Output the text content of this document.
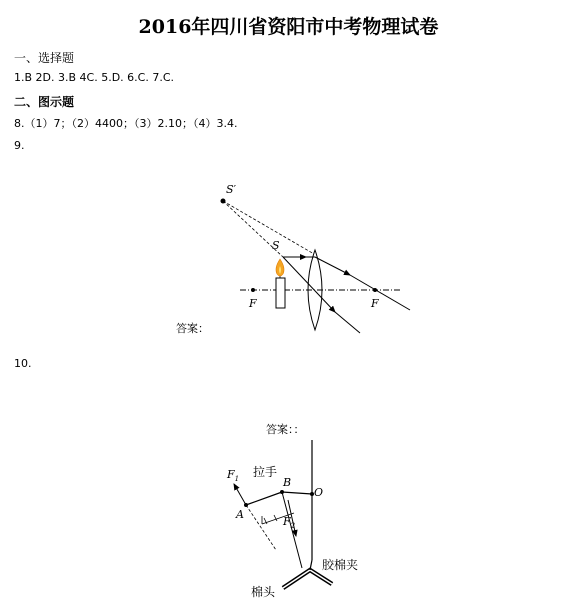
2016年四川省资阳市中考物理试卷
一、选择题
1.B 2D. 3.B 4C. 5.D. 6.C. 7.C.
二、图示题
8.（1）7；（2）4400；（3）2.10；（4）3.4.
9.
10.
S′
S
F	F
答案：
答案：：
$F_1$
拉手
B
O
A
$F_2$
胶棉夹
棉头
